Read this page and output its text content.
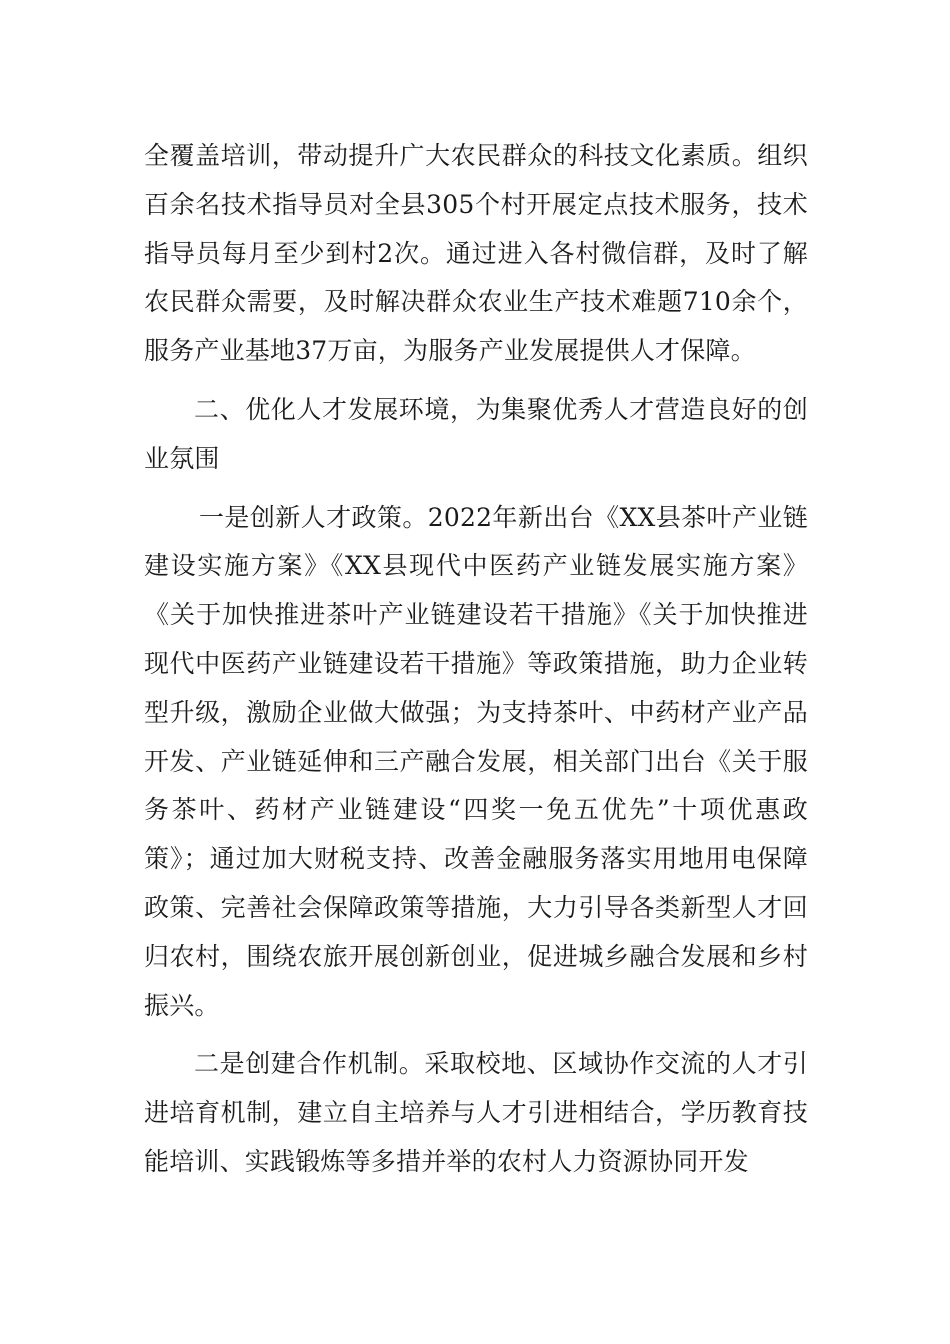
全覆盖培训，带动提升广大农民群众的科技文化素质。组织百余名技术指导员对全县305个村开展定点技术服务，技术指导员每月至少到村2次。通过进入各村微信群，及时了解农民群众需要，及时解决群众农业生产技术难题710余个，服务产业基地37万亩，为服务产业发展提供人才保障。

二、优化人才发展环境，为集聚优秀人才营造良好的创业氛围

一是创新人才政策。2022年新出台《XX县茶叶产业链建设实施方案》《XX县现代中医药产业链发展实施方案》《关于加快推进茶叶产业链建设若干措施》《关于加快推进现代中医药产业链建设若干措施》等政策措施，助力企业转型升级，激励企业做大做强；为支持茶叶、中药材产业产品开发、产业链延伸和三产融合发展，相关部门出台《关于服务茶叶、药材产业链建设“四奖一免五优先”十项优惠政策》；通过加大财税支持、改善金融服务落实用地用电保障政策、完善社会保障政策等措施，大力引导各类新型人才回归农村，围绕农旅开展创新创业，促进城乡融合发展和乡村振兴。

二是创建合作机制。采取校地、区域协作交流的人才引进培育机制，建立自主培养与人才引进相结合，学历教育技能培训、实践锻炼等多措并举的农村人力资源协同开发
